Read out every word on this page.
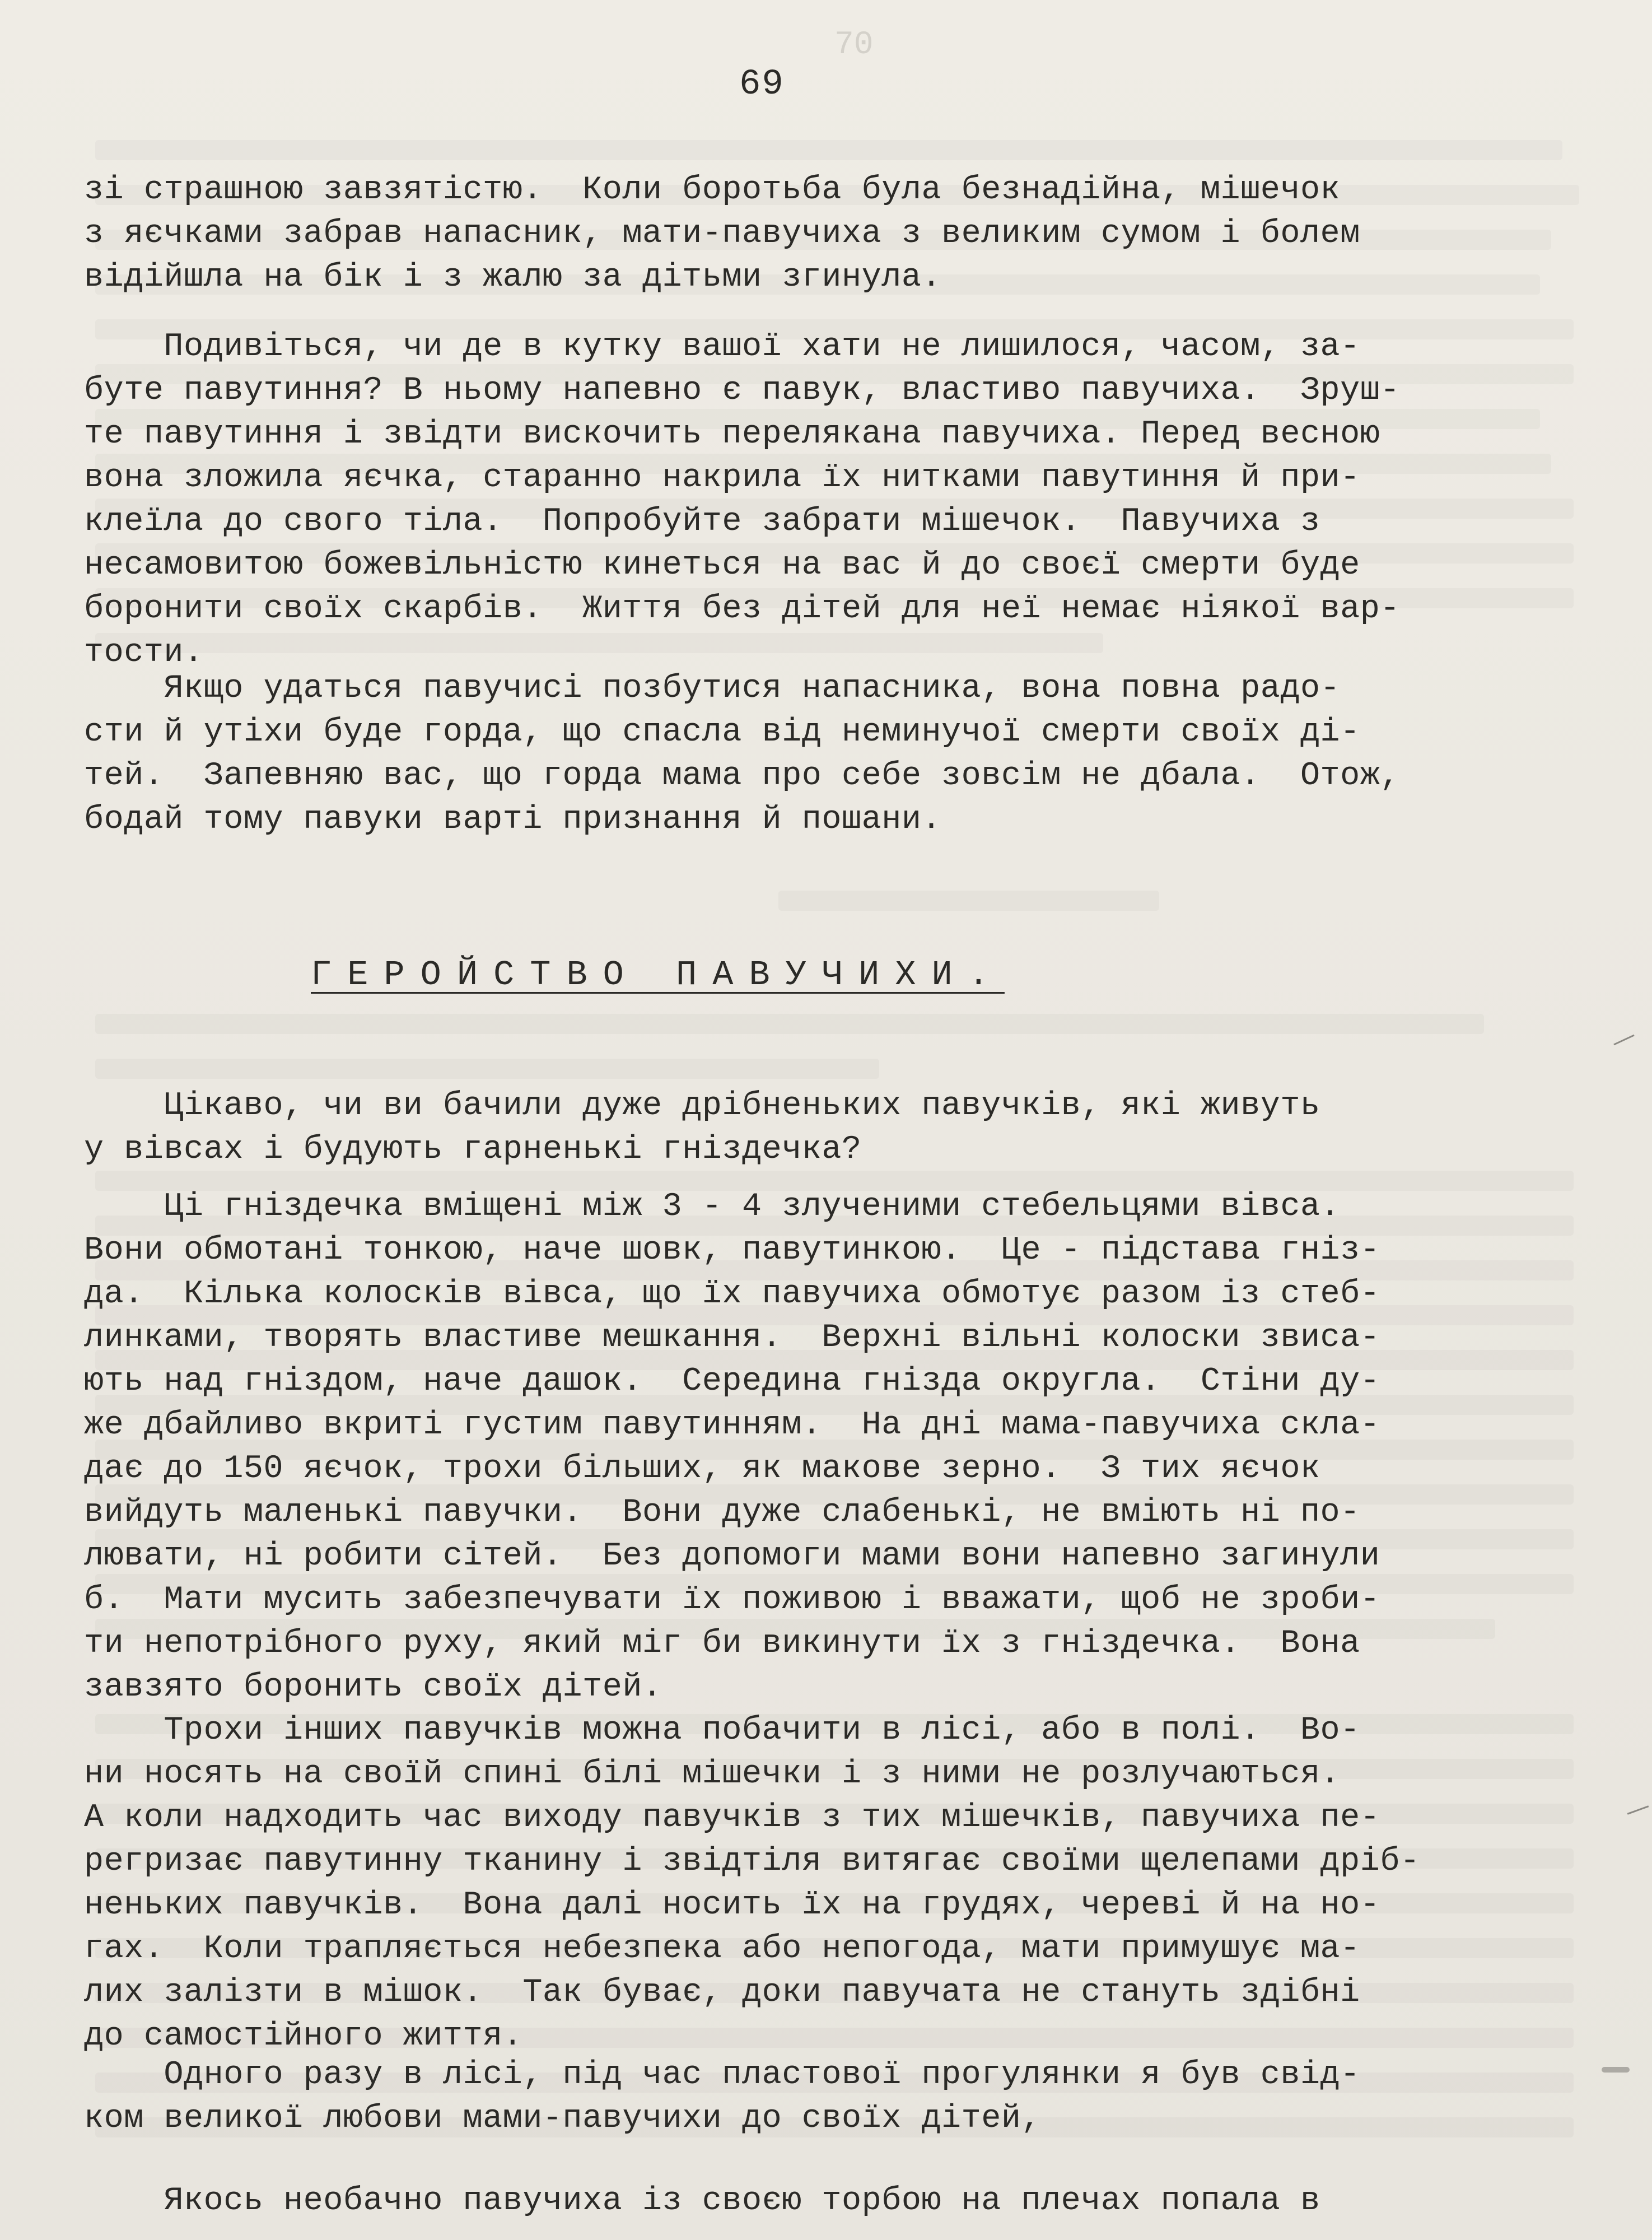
70
69
зі страшною завзятістю.  Коли боротьба була безнадійна, мішечок
з яєчками забрав напасник, мати-павучиха з великим сумом і болем
відійшла на бік і з жалю за дітьми згинула.
Подивіться, чи де в кутку вашої хати не лишилося, часом, за-
буте павутиння? В ньому напевно є павук, властиво павучиха.  Зруш-
те павутиння і звідти вискочить перелякана павучиха. Перед весною
вона зложила яєчка, старанно накрила їх нитками павутиння й при-
клеїла до свого тіла.  Попробуйте забрати мішечок.  Павучиха з
несамовитою божевільністю кинеться на вас й до своєї смерти буде
боронити своїх скарбів.  Життя без дітей для неї немає ніякої вар-
тости.
Якщо удаться павучисі позбутися напасника, вона повна радо-
сти й утіхи буде горда, що спасла від неминучої смерти своїх ді-
тей.  Запевняю вас, що горда мама про себе зовсім не дбала.  Отож,
бодай тому павуки варті признання й пошани.
ГЕРОЙСТВО ПАВУЧИХИ.
Цікаво, чи ви бачили дуже дрібненьких павучків, які живуть
у вівсах і будують гарненькі гніздечка?
Ці гніздечка вміщені між 3 - 4 злученими стебельцями вівса.
Вони обмотані тонкою, наче шовк, павутинкою.  Це - підстава гніз-
да.  Кілька колосків вівса, що їх павучиха обмотує разом із стеб-
линками, творять властиве мешкання.  Верхні вільні колоски звиса-
ють над гніздом, наче дашок.  Середина гнізда округла.  Стіни ду-
же дбайливо вкриті густим павутинням.  На дні мама-павучиха скла-
дає до 150 яєчок, трохи більших, як макове зерно.  З тих яєчок
вийдуть маленькі павучки.  Вони дуже слабенькі, не вміють ні по-
лювати, ні робити сітей.  Без допомоги мами вони напевно загинули
б.  Мати мусить забезпечувати їх поживою і вважати, щоб не зроби-
ти непотрібного руху, який міг би викинути їх з гніздечка.  Вона
завзято боронить своїх дітей.
Трохи інших павучків можна побачити в лісі, або в полі.  Во-
ни носять на своїй спині білі мішечки і з ними не розлучаються.
А коли надходить час виходу павучків з тих мішечків, павучиха пе-
регризає павутинну тканину і звідтіля витягає своїми щелепами дріб-
неньких павучків.  Вона далі носить їх на грудях, череві й на но-
гах.  Коли трапляється небезпека або непогода, мати примушує ма-
лих залізти в мішок.  Так буває, доки павучата не стануть здібні
до самостійного життя.
Одного разу в лісі, під час пластової прогулянки я був свід-
ком великої любови мами-павучихи до своїх дітей,
Якось необачно павучиха із своєю торбою на плечах попала в
